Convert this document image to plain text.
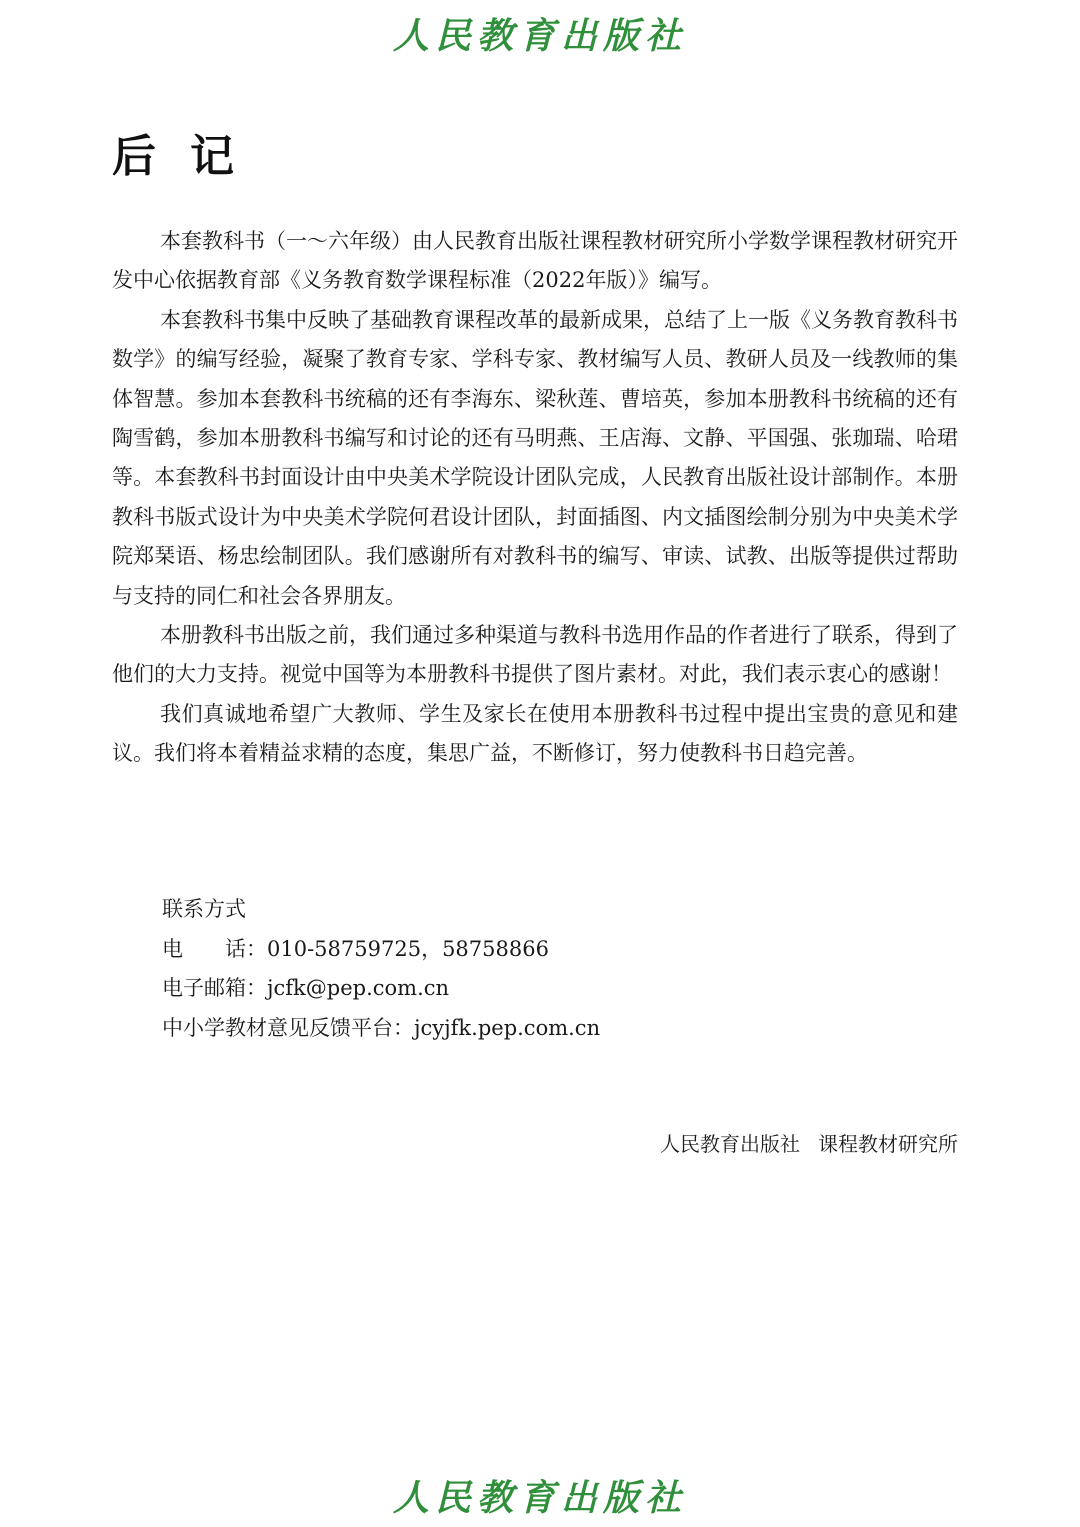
人民教育出版社
后记

本套教科书（一～六年级）由人民教育出版社课程教材研究所小学数学课程教材研究开发中心依据教育部《义务教育数学课程标准（2022年版）》编写。

本套教科书集中反映了基础教育课程改革的最新成果，总结了上一版《义务教育教科书　数学》的编写经验，凝聚了教育专家、学科专家、教材编写人员、教研人员及一线教师的集体智慧。参加本套教科书统稿的还有李海东、梁秋莲、曹培英，参加本册教科书统稿的还有陶雪鹤，参加本册教科书编写和讨论的还有马明燕、王店海、文静、平国强、张珈瑞、哈珺等。本套教科书封面设计由中央美术学院设计团队完成，人民教育出版社设计部制作。本册教科书版式设计为中央美术学院何君设计团队，封面插图、内文插图绘制分别为中央美术学院郑琹语、杨忠绘制团队。我们感谢所有对教科书的编写、审读、试教、出版等提供过帮助与支持的同仁和社会各界朋友。

本册教科书出版之前，我们通过多种渠道与教科书选用作品的作者进行了联系，得到了他们的大力支持。视觉中国等为本册教科书提供了图片素材。对此，我们表示衷心的感谢！

我们真诚地希望广大教师、学生及家长在使用本册教科书过程中提出宝贵的意见和建议。我们将本着精益求精的态度，集思广益，不断修订，努力使教科书日趋完善。

联系方式
电　　话：010-58759725，58758866
电子邮箱：jcfk@pep.com.cn
中小学教材意见反馈平台：jcyjfk.pep.com.cn
人民教育出版社 课程教材研究所
人民教育出版社
